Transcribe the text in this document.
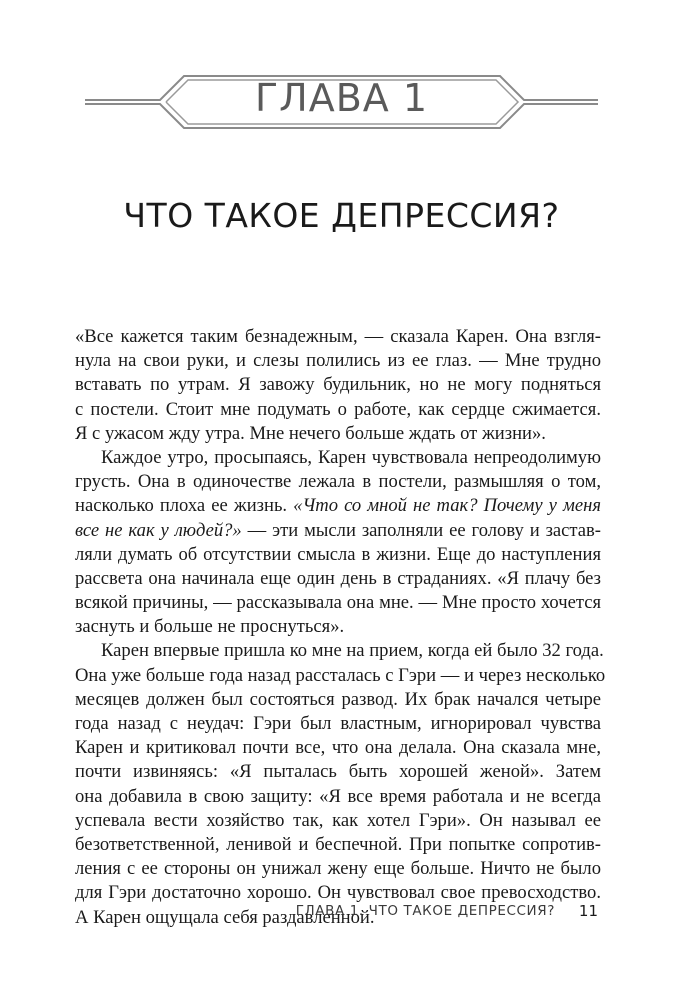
ГЛАВА 1
ЧТО ТАКОЕ ДЕПРЕССИЯ?
«Все кажется таким безнадежным, — сказала Карен. Она взгля-
нула на свои руки, и слезы полились из ее глаз. — Мне трудно
вставать по утрам. Я завожу будильник, но не могу подняться
с постели. Стоит мне подумать о работе, как сердце сжимается.
Я с ужасом жду утра. Мне нечего больше ждать от жизни».
Каждое утро, просыпаясь, Карен чувствовала непреодолимую
грусть. Она в одиночестве лежала в постели, размышляя о том,
насколько плоха ее жизнь. «Что со мной не так? Почему у меня
все не как у людей?» — эти мысли заполняли ее голову и застав-
ляли думать об отсутствии смысла в жизни. Еще до наступления
рассвета она начинала еще один день в страданиях. «Я плачу без
всякой причины, — рассказывала она мне. — Мне просто хочется
заснуть и больше не проснуться».
Карен впервые пришла ко мне на прием, когда ей было 32 года.
Она уже больше года назад рассталась с Гэри — и через несколько
месяцев должен был состояться развод. Их брак начался четыре
года назад с неудач: Гэри был властным, игнорировал чувства
Карен и критиковал почти все, что она делала. Она сказала мне,
почти извиняясь: «Я пыталась быть хорошей женой». Затем
она добавила в свою защиту: «Я все время работала и не всегда
успевала вести хозяйство так, как хотел Гэри». Он называл ее
безответственной, ленивой и беспечной. При попытке сопротив-
ления с ее стороны он унижал жену еще больше. Ничто не было
для Гэри достаточно хорошо. Он чувствовал свое превосходство.
А Карен ощущала себя раздавленной.
ГЛАВА 1. ЧТО ТАКОЕ ДЕПРЕССИЯ? 11
